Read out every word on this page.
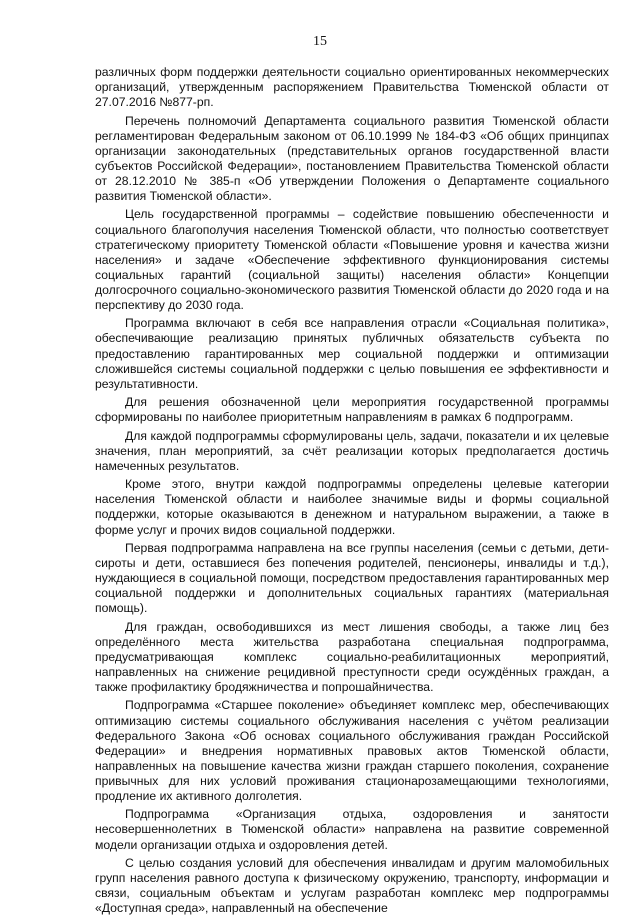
15

различных форм поддержки деятельности социально ориентированных некоммерческих организаций, утвержденным распоряжением Правительства Тюменской области от 27.07.2016 №877-рп.

Перечень полномочий Департамента социального развития Тюменской области регламентирован Федеральным законом от 06.10.1999 № 184-ФЗ «Об общих принципах организации законодательных (представительных органов государственной власти субъектов Российской Федерации», постановлением Правительства Тюменской области от 28.12.2010 № 385-п «Об утверждении Положения о Департаменте социального развития Тюменской области».

Цель государственной программы – содействие повышению обеспеченности и социального благополучия населения Тюменской области, что полностью соответствует стратегическому приоритету Тюменской области «Повышение уровня и качества жизни населения» и задаче «Обеспечение эффективного функционирования системы социальных гарантий (социальной защиты) населения области» Концепции долгосрочного социально-экономического развития Тюменской области до 2020 года и на перспективу до 2030 года.

Программа включают в себя все направления отрасли «Социальная политика», обеспечивающие реализацию принятых публичных обязательств субъекта по предоставлению гарантированных мер социальной поддержки и оптимизации сложившейся системы социальной поддержки с целью повышения ее эффективности и результативности.

Для решения обозначенной цели мероприятия государственной программы сформированы по наиболее приоритетным направлениям в рамках 6 подпрограмм.

Для каждой подпрограммы сформулированы цель, задачи, показатели и их целевые значения, план мероприятий, за счёт реализации которых предполагается достичь намеченных результатов.

Кроме этого, внутри каждой подпрограммы определены целевые категории населения Тюменской области и наиболее значимые виды и формы социальной поддержки, которые оказываются в денежном и натуральном выражении, а также в форме услуг и прочих видов социальной поддержки.

Первая подпрограмма направлена на все группы населения (семьи с детьми, дети-сироты и дети, оставшиеся без попечения родителей, пенсионеры, инвалиды и т.д.), нуждающиеся в социальной помощи, посредством предоставления гарантированных мер социальной поддержки и дополнительных социальных гарантиях (материальная помощь).

Для граждан, освободившихся из мест лишения свободы, а также лиц без определённого места жительства разработана специальная подпрограмма, предусматривающая комплекс социально-реабилитационных мероприятий, направленных на снижение рецидивной преступности среди осуждённых граждан, а также профилактику бродяжничества и попрошайничества.

Подпрограмма «Старшее поколение» объединяет комплекс мер, обеспечивающих оптимизацию системы социального обслуживания населения с учётом реализации Федерального Закона «Об основах социального обслуживания граждан Российской Федерации» и внедрения нормативных правовых актов Тюменской области, направленных на повышение качества жизни граждан старшего поколения, сохранение привычных для них условий проживания стационарозамещающими технологиями, продление их активного долголетия.

Подпрограмма «Организация отдыха, оздоровления и занятости несовершеннолетних в Тюменской области» направлена на развитие современной модели организации отдыха и оздоровления детей.

С целью создания условий для обеспечения инвалидам и другим маломобильных групп населения равного доступа к физическому окружению, транспорту, информации и связи, социальным объектам и услугам разработан комплекс мер подпрограммы «Доступная среда», направленный на обеспечение
